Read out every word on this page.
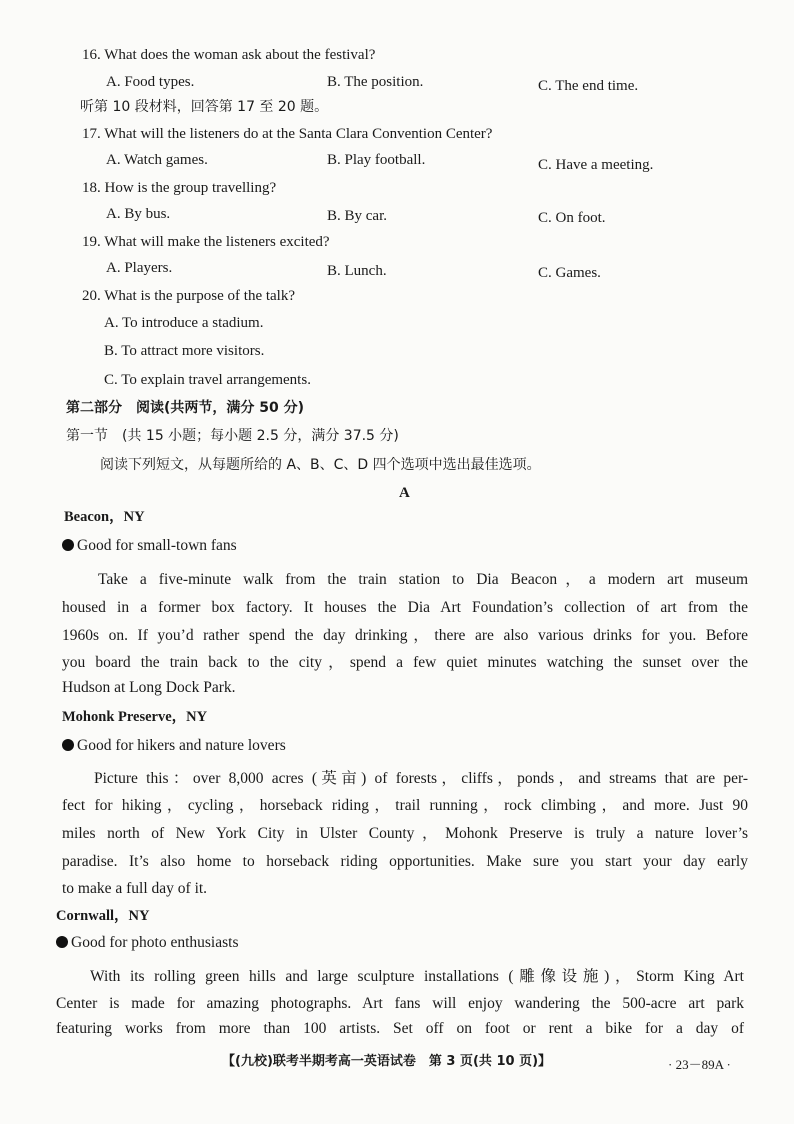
16. What does the woman ask about the festival?
A. Food types.	B. The position.	C. The end time.
听第 10 段材料，回答第 17 至 20 题。
17. What will the listeners do at the Santa Clara Convention Center?
A. Watch games.	B. Play football.	C. Have a meeting.
18. How is the group travelling?
A. By bus.	B. By car.	C. On foot.
19. What will make the listeners excited?
A. Players.	B. Lunch.	C. Games.
20. What is the purpose of the talk?
A. To introduce a stadium.
B. To attract more visitors.
C. To explain travel arrangements.
第二部分　阅读(共两节，满分 50 分)
第一节　(共 15 小题；每小题 2.5 分，满分 37.5 分)
阅读下列短文，从每题所给的 A、B、C、D 四个选项中选出最佳选项。
A
Beacon，NY
Good for small-town fans
Take a five-minute walk from the train station to Dia Beacon，a modern art museum
housed in a former box factory. It houses the Dia Art Foundation’s collection of art from the
1960s on. If you’d rather spend the day drinking，there are also various drinks for you. Before
you board the train back to the city，spend a few quiet minutes watching the sunset over the
Hudson at Long Dock Park.
Mohonk Preserve，NY
Good for hikers and nature lovers
Picture this：over 8,000 acres (英亩) of forests，cliffs，ponds，and streams that are per-
fect for hiking，cycling，horseback riding，trail running，rock climbing，and more. Just 90
miles north of New York City in Ulster County，Mohonk Preserve is truly a nature lover’s
paradise. It’s also home to horseback riding opportunities. Make sure you start your day early
to make a full day of it.
Cornwall，NY
Good for photo enthusiasts
With its rolling green hills and large sculpture installations (雕像设施)，Storm King Art
Center is made for amazing photographs. Art fans will enjoy wandering the 500-acre art park
featuring works from more than 100 artists. Set off on foot or rent a bike for a day of
【(九校)联考半期考高一英语试卷　第 3 页(共 10 页)】	· 23－89A ·
